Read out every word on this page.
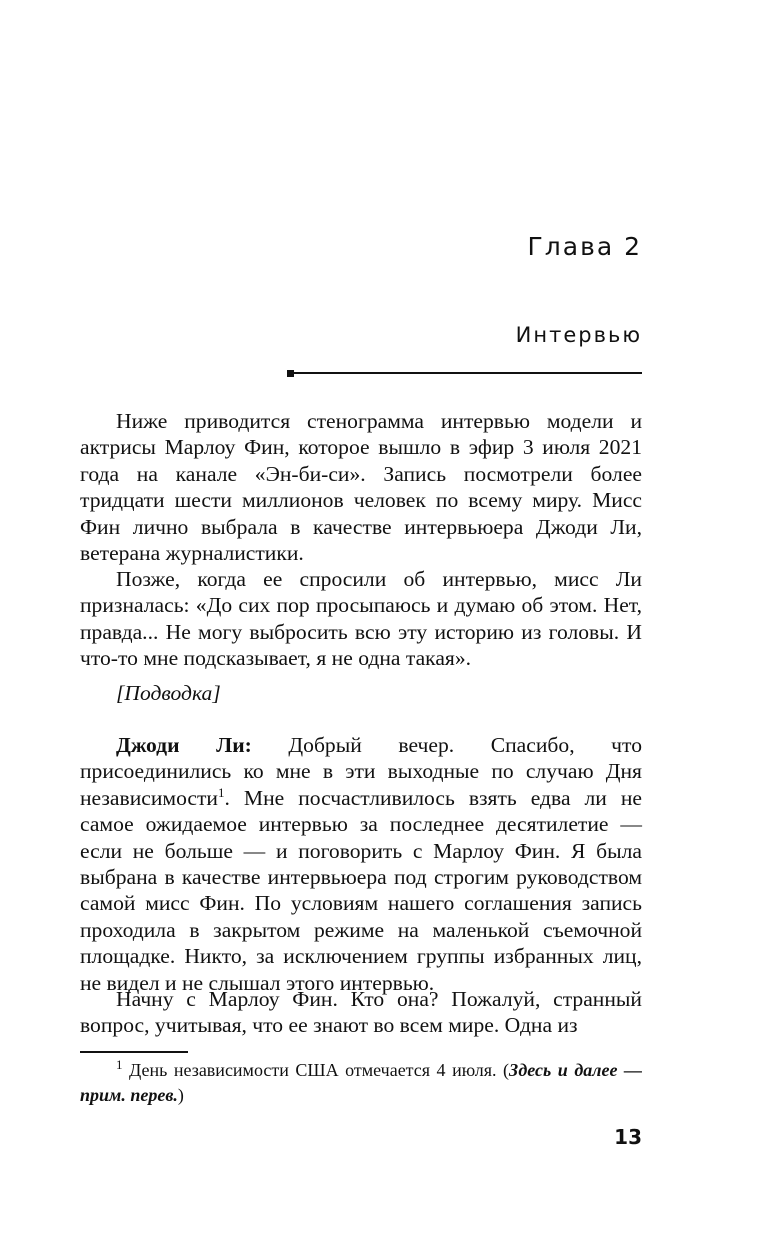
Глава 2
Интервью

Ниже приводится стенограмма интервью модели и актрисы Марлоу Фин, которое вышло в эфир 3 июля 2021 года на канале «Эн-би-си». Запись посмотрели более тридцати шести миллионов человек по всему миру. Мисс Фин лично выбрала в качестве интервьюера Джоди Ли, ветерана журналистики.

Позже, когда ее спросили об интервью, мисс Ли призналась: «До сих пор просыпаюсь и думаю об этом. Нет, правда... Не могу выбросить всю эту историю из головы. И что-то мне подсказывает, я не одна такая».

[Подводка]

Джоди Ли: Добрый вечер. Спасибо, что присоединились ко мне в эти выходные по случаю Дня независимости$^1$. Мне посчастливилось взять едва ли не самое ожидаемое интервью за последнее десятилетие — если не больше — и поговорить с Марлоу Фин. Я была выбрана в качестве интервьюера под строгим руководством самой мисс Фин. По условиям нашего соглашения запись проходила в закрытом режиме на маленькой съемочной площадке. Никто, за исключением группы избранных лиц, не видел и не слышал этого интервью.

Начну с Марлоу Фин. Кто она? Пожалуй, странный вопрос, учитывая, что ее знают во всем мире. Одна из

$^1$ День независимости США отмечается 4 июля. (Здесь и далее — прим. перев.)

13
